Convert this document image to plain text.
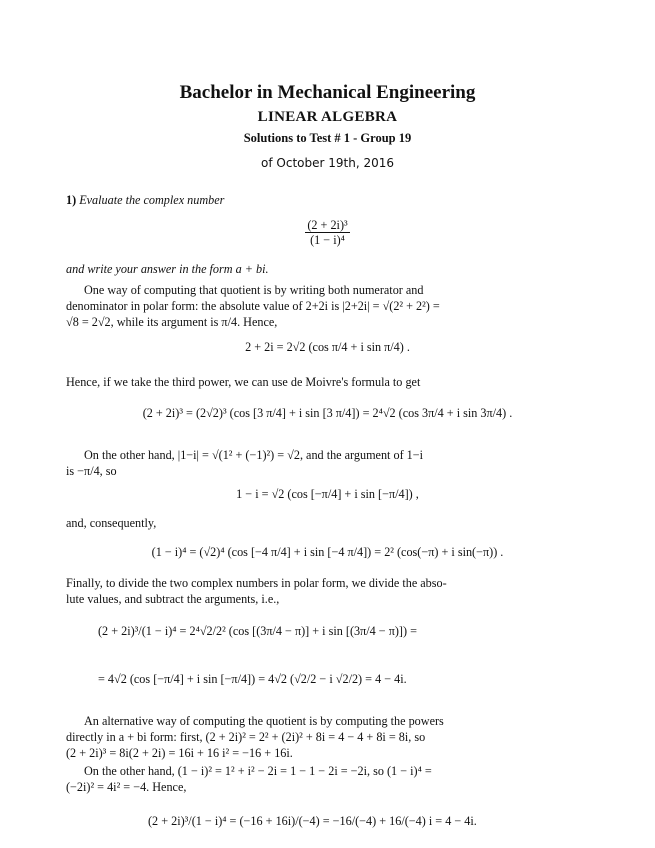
Bachelor in Mechanical Engineering
LINEAR ALGEBRA
Solutions to Test # 1 - Group 19
of October 19th, 2016
1) Evaluate the complex number
$\frac{\text{(2 + 2i)³}}{\text{(1 − i)⁴}}$
and write your answer in the form a + bi.
One way of computing that quotient is by writing both numerator and
denominator in polar form: the absolute value of 2+2i is |2+2i| = √(2² + 2²) =
√8 = 2√2, while its argument is π/4. Hence,
2 + 2i = 2√2 (cos π/4 + i sin π/4) .
Hence, if we take the third power, we can use de Moivre's formula to get
(2 + 2i)³ = (2√2)³ (cos [3 π/4] + i sin [3 π/4]) = 2⁴√2 (cos 3π/4 + i sin 3π/4) .
On the other hand, |1−i| = √(1² + (−1)²) = √2, and the argument of 1−i
is −π/4, so
1 − i = √2 (cos [−π/4] + i sin [−π/4]) ,
and, consequently,
(1 − i)⁴ = (√2)⁴ (cos [−4 π/4] + i sin [−4 π/4]) = 2² (cos(−π) + i sin(−π)) .
Finally, to divide the two complex numbers in polar form, we divide the abso-
lute values, and subtract the arguments, i.e.,
(2 + 2i)³/(1 − i)⁴ = 2⁴√2/2² (cos [(3π/4 − π)] + i sin [(3π/4 − π)]) =
= 4√2 (cos [−π/4] + i sin [−π/4]) = 4√2 (√2/2 − i √2/2) = 4 − 4i.
An alternative way of computing the quotient is by computing the powers
directly in a + bi form: first, (2 + 2i)² = 2² + (2i)² + 8i = 4 − 4 + 8i = 8i, so
(2 + 2i)³ = 8i(2 + 2i) = 16i + 16 i² = −16 + 16i.
On the other hand, (1 − i)² = 1² + i² − 2i = 1 − 1 − 2i = −2i, so (1 − i)⁴ =
(−2i)² = 4i² = −4. Hence,
(2 + 2i)³/(1 − i)⁴ = (−16 + 16i)/(−4) = −16/(−4) + 16/(−4) i = 4 − 4i.
